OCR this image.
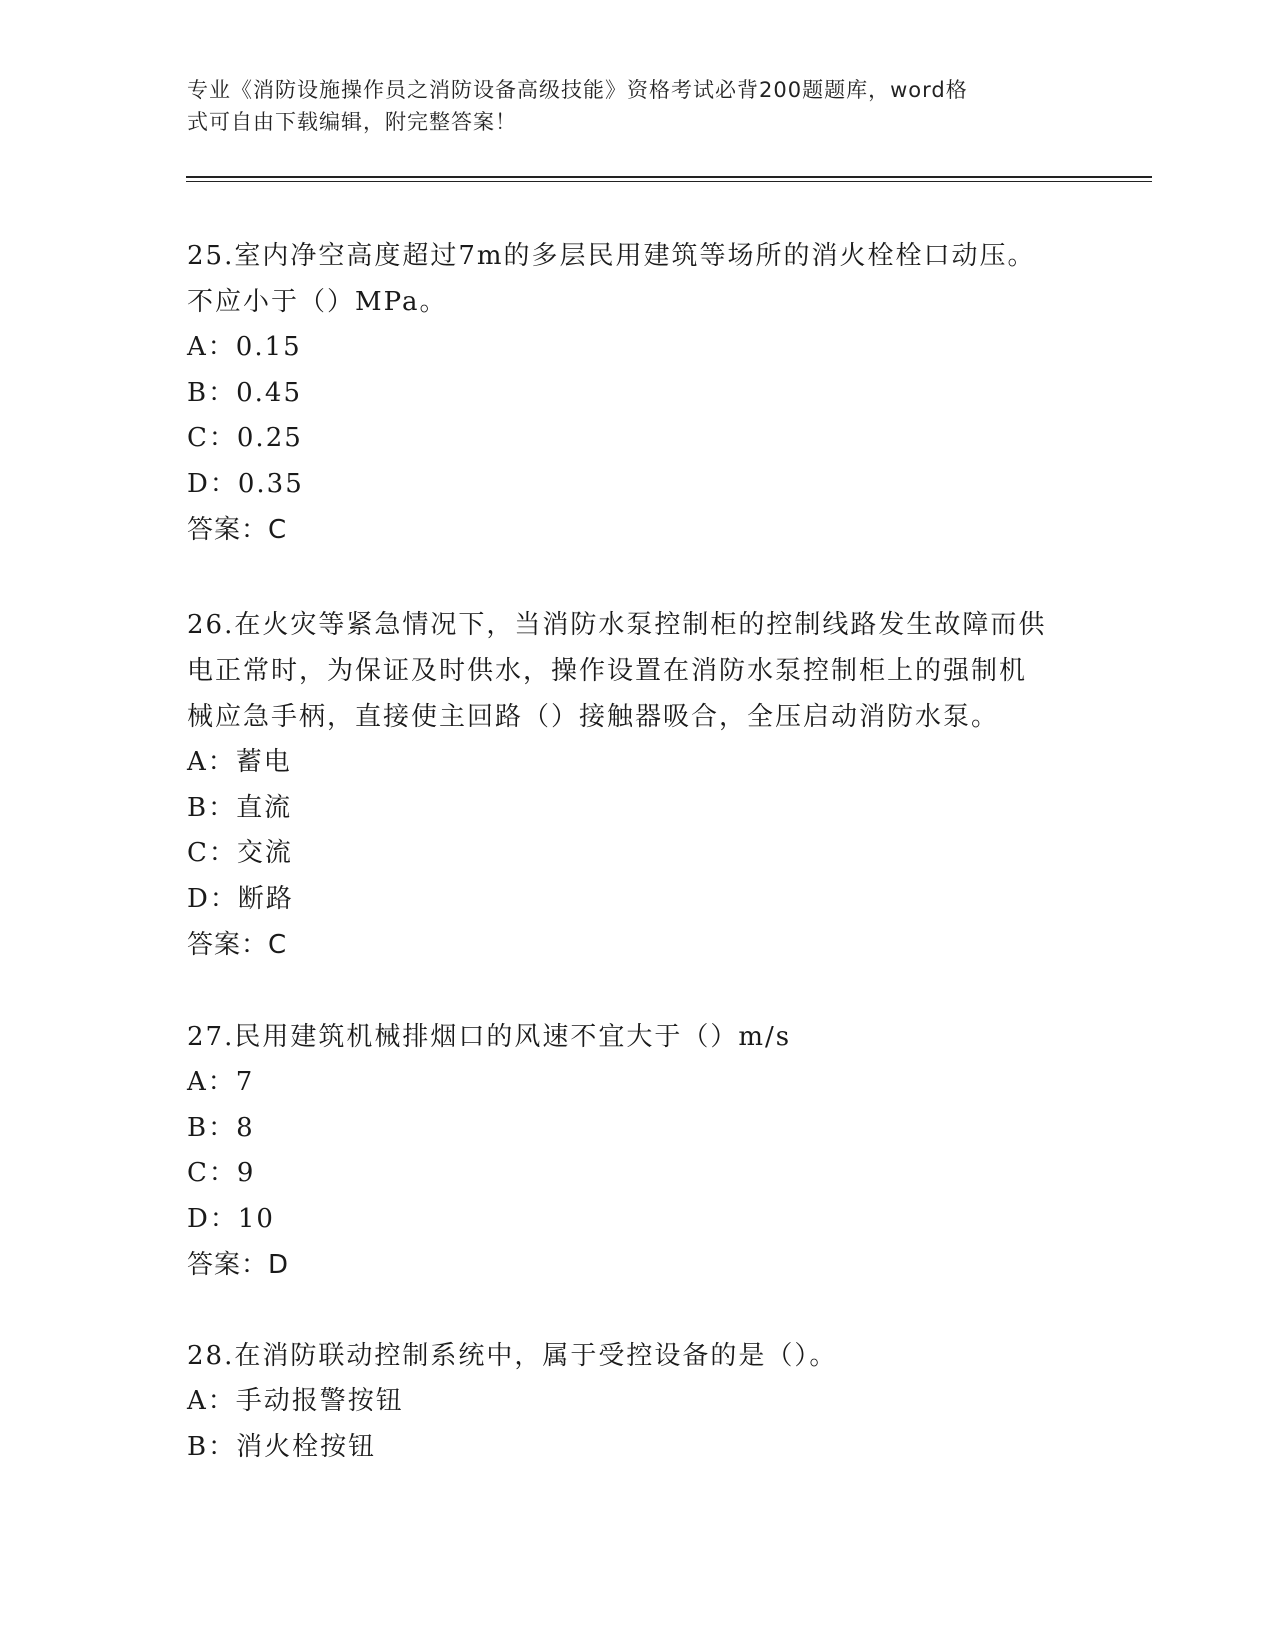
专业《消防设施操作员之消防设备高级技能》资格考试必背200题题库，word格

式可自由下载编辑，附完整答案！

25.室内净空高度超过7m的多层民用建筑等场所的消火栓栓口动压。

不应小于（）MPa。

A：0.15

B：0.45

C：0.25

D：0.35

答案：C

26.在火灾等紧急情况下，当消防水泵控制柜的控制线路发生故障而供

电正常时，为保证及时供水，操作设置在消防水泵控制柜上的强制机

械应急手柄，直接使主回路（）接触器吸合，全压启动消防水泵。

A：蓄电

B：直流

C：交流

D：断路

答案：C

27.民用建筑机械排烟口的风速不宜大于（）m/s

A：7

B：8

C：9

D：10

答案：D

28.在消防联动控制系统中，属于受控设备的是（）。

A：手动报警按钮

B：消火栓按钮
